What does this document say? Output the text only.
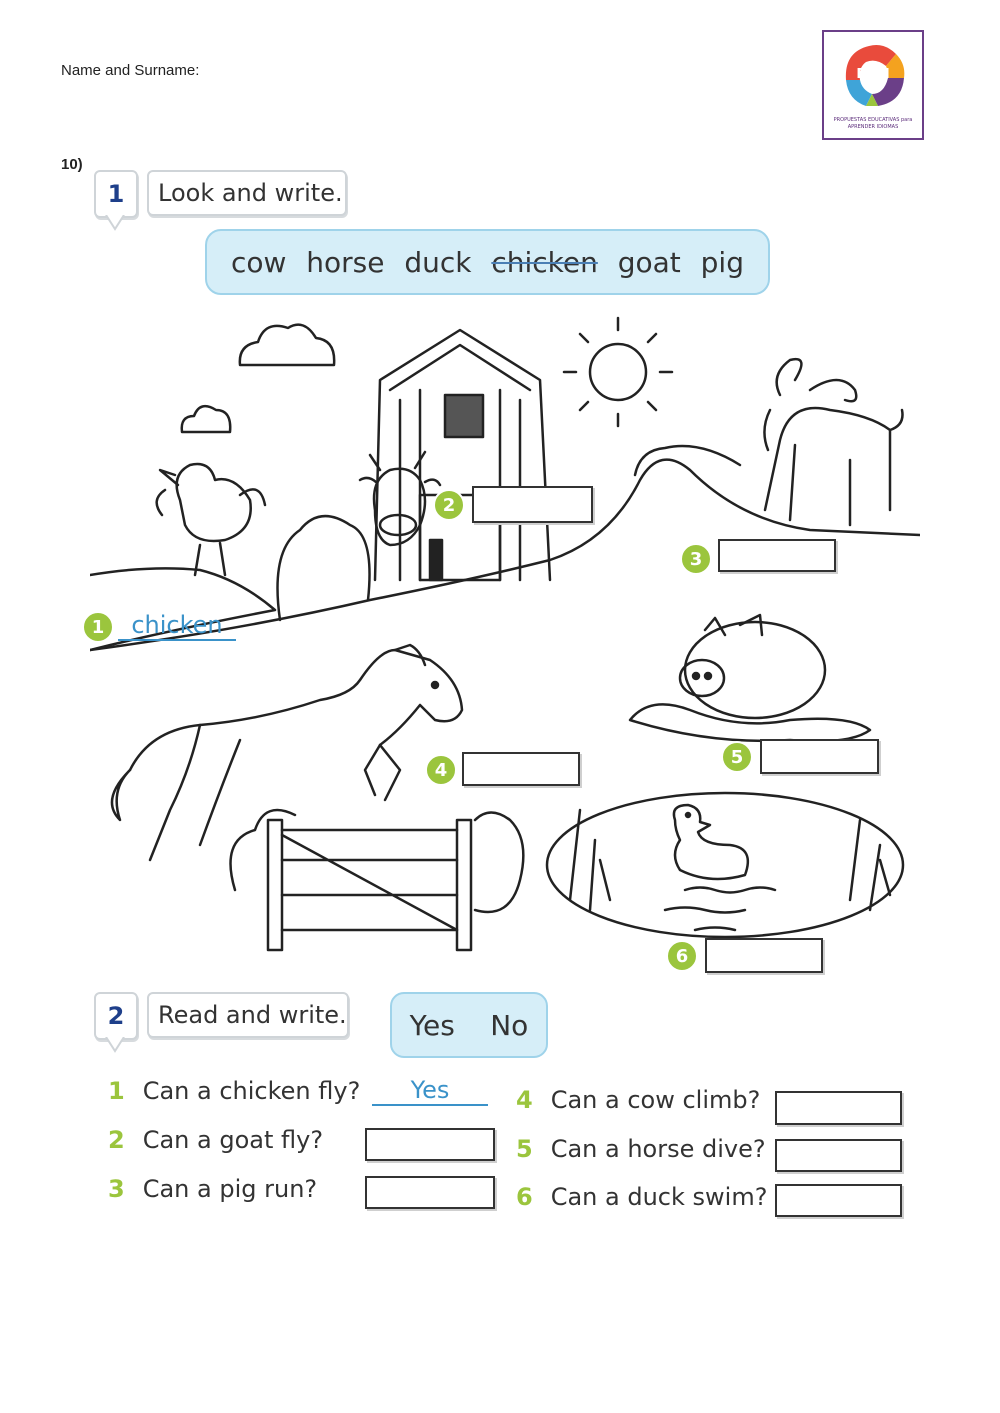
Name and Surname:
10)
PEAI
PROPUESTAS EDUCATIVAS para APRENDER IDIOMAS
1	Look and write.
cow horse duck chicken goat pig
1	chicken
2
3
4
5
6
2	Read and write. Yes No
1 Can a chicken fly?	Yes
2 Can a goat fly?
3 Can a pig run?
4 Can a cow climb?
5 Can a horse dive?
6 Can a duck swim?
